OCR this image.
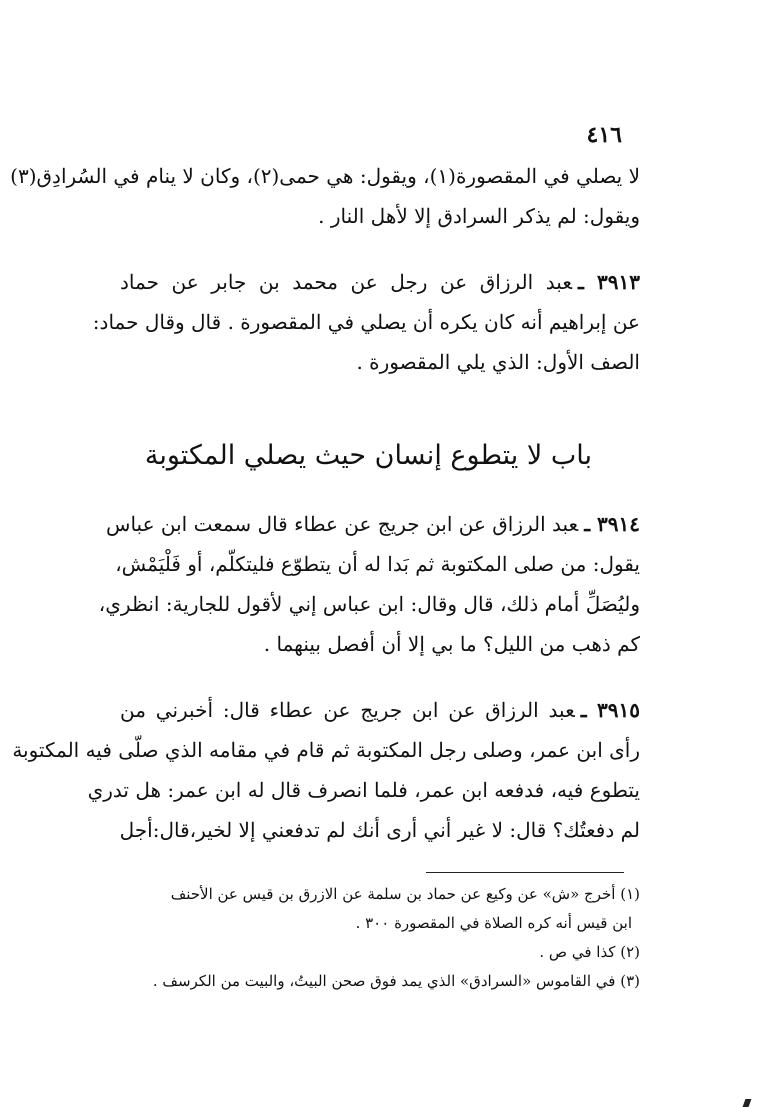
٤١٦
لا يصلي في المقصورة(١)، ويقول: هي حمى(٢)، وكان لا ينام في السُرادِق(٣)
ويقول: لم يذكر السرادق إلا لأهل النار .
٣٩١٣ ـعبد الرزاق عن رجل عن محمد بن جابر عن حماد
عن إبراهيم أنه كان يكره أن يصلي في المقصورة . قال وقال حماد:
الصف الأول: الذي يلي المقصورة .
باب لا يتطوع إنسان حيث يصلي المكتوبة
٣٩١٤ ـعبد الرزاق عن ابن جريج عن عطاء قال سمعت ابن عباس
يقول: من صلى المكتوبة ثم بَدا له أن يتطوّع فليتكلّم، أو فَلْيَمْش،
وليُصَلِّ أمام ذلك، قال وقال: ابن عباس إني لأقول للجارية: انظري،
كم ذهب من الليل؟ ما بي إلا أن أفصل بينهما .
٣٩١٥ ـعبد الرزاق عن ابن جريج عن عطاء قال: أخبرني من
رأى ابن عمر، وصلى رجل المكتوبة ثم قام في مقامه الذي صلّى فيه المكتوبة
يتطوع فيه، فدفعه ابن عمر، فلما انصرف قال له ابن عمر: هل تدري
لم دفعتُك؟ قال: لا غير أني أرى أنك لم تدفعني إلا لخير،قال:أجل
(١) أخرج «ش» عن وكيع عن حماد بن سلمة عن الازرق بن قيس عن الأحنف
ابن قيس أنه كره الصلاة في المقصورة ٣٠٠ .
(٢) كذا في ص .
(٣) في القاموس «السرادق» الذي يمد فوق صحن البيتُ، والبيت من الكرسف .
